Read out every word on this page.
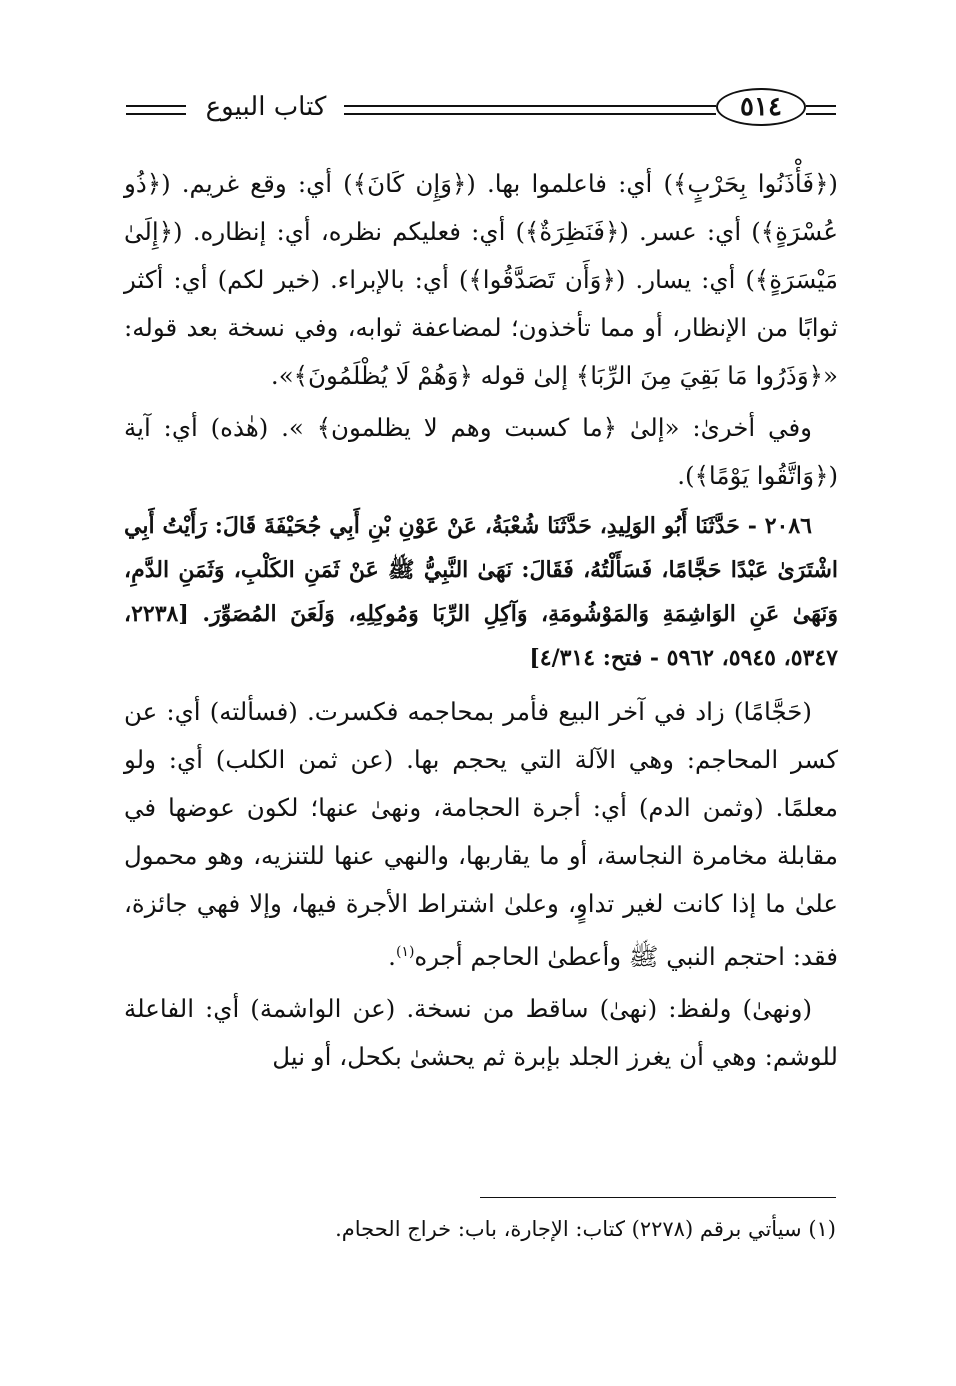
كتاب البيوع	٥١٤

(﴿فَأْذَنُوا بِحَرْبٍ﴾) أي: فاعلموا بها. (﴿وَإِن كَانَ﴾) أي: وقع غريم. (﴿ذُو عُسْرَةٍ﴾) أي: عسر. (﴿فَنَظِرَةٌ﴾) أي: فعليكم نظره، أي: إنظاره. (﴿إِلَىٰ مَيْسَرَةٍ﴾) أي: يسار. (﴿وَأَن تَصَدَّقُوا﴾) أي: بالإبراء. (خير لكم) أي: أكثر ثوابًا من الإنظار، أو مما تأخذون؛ لمضاعفة ثوابه، وفي نسخة بعد قوله: «﴿وَذَرُوا مَا بَقِيَ مِنَ الرِّبَا﴾ إلىٰ قوله ﴿وَهُمْ لَا يُظْلَمُونَ﴾».

وفي أخرىٰ: «إلىٰ ﴿ما كسبت وهم لا يظلمون﴾ ». (هٰذه) أي: آية (﴿وَاتَّقُوا يَوْمًا﴾).

٢٠٨٦ - حَدَّثَنَا أَبُو الوَلِيدِ، حَدَّثَنَا شُعْبَةُ، عَنْ عَوْنِ بْنِ أَبِي جُحَيْفَةَ قَالَ: رَأَيْتُ أَبِي اشْتَرَىٰ عَبْدًا حَجَّامًا، فَسَأَلْتُهُ، فَقَالَ: نَهَىٰ النَّبِيُّ ﷺ عَنْ ثَمَنِ الكَلْبِ، وَثَمَنِ الدَّمِ، وَنَهَىٰ عَنِ الوَاشِمَةِ وَالمَوْشُومَةِ، وَآكِلِ الرِّبَا وَمُوكِلِهِ، وَلَعَنَ المُصَوِّرَ. [٢٢٣٨، ٥٣٤٧، ٥٩٤٥، ٥٩٦٢ - فتح: ٤/٣١٤]

(حَجَّامًا) زاد في آخر البيع فأمر بمحاجمه فكسرت. (فسألته) أي: عن كسر المحاجم: وهي الآلة التي يحجم بها. (عن ثمن الكلب) أي: ولو معلمًا. (وثمن الدم) أي: أجرة الحجامة، ونهىٰ عنها؛ لكون عوضها في مقابلة مخامرة النجاسة، أو ما يقاربها، والنهي عنها للتنزيه، وهو محمول علىٰ ما إذا كانت لغير تداوٍ، وعلىٰ اشتراط الأجرة فيها، وإلا فهي جائزة، فقد: احتجم النبي ﷺ وأعطىٰ الحاجم أجره$^{(١)}$.

(ونهىٰ) ولفظ: (نهىٰ) ساقط من نسخة. (عن الواشمة) أي: الفاعلة للوشم: وهي أن يغرز الجلد بإبرة ثم يحشىٰ بكحل، أو نيل

(١) سيأتي برقم (٢٢٧٨) كتاب: الإجارة، باب: خراج الحجام.
